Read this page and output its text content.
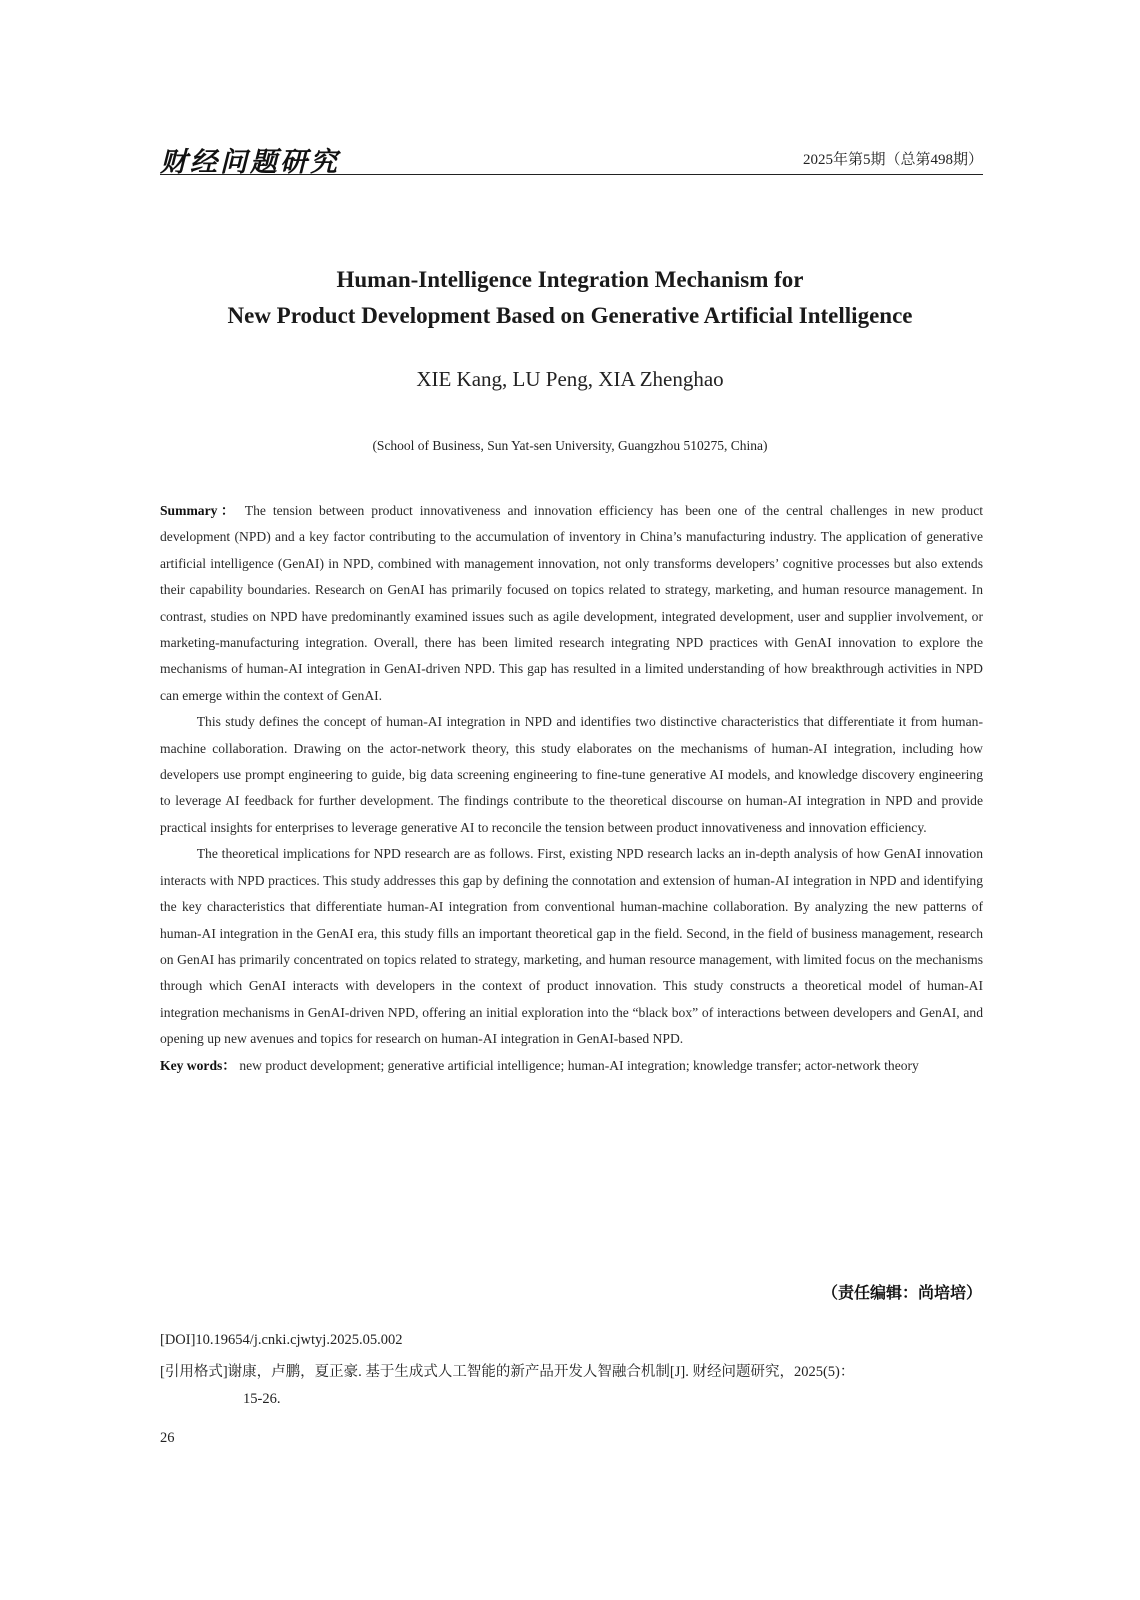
财经问题研究	2025年第5期（总第498期）
Human-Intelligence Integration Mechanism for
New Product Development Based on Generative Artificial Intelligence
XIE Kang, LU Peng, XIA Zhenghao
(School of Business, Sun Yat-sen University, Guangzhou 510275, China)

Summary： The tension between product innovativeness and innovation efficiency has been one of the central challenges in new product development (NPD) and a key factor contributing to the accumulation of inventory in China’s manufacturing industry. The application of generative artificial intelligence (GenAI) in NPD, combined with management innovation, not only transforms developers’ cognitive processes but also extends their capability boundaries. Research on GenAI has primarily focused on topics related to strategy, marketing, and human resource management. In contrast, studies on NPD have predominantly examined issues such as agile development, integrated development, user and supplier involvement, or marketing-manufacturing integration. Overall, there has been limited research integrating NPD practices with GenAI innovation to explore the mechanisms of human-AI integration in GenAI-driven NPD. This gap has resulted in a limited understanding of how breakthrough activities in NPD can emerge within the context of GenAI.

This study defines the concept of human-AI integration in NPD and identifies two distinctive characteristics that differentiate it from human-machine collaboration. Drawing on the actor-network theory, this study elaborates on the mechanisms of human-AI integration, including how developers use prompt engineering to guide, big data screening engineering to fine-tune generative AI models, and knowledge discovery engineering to leverage AI feedback for further development. The findings contribute to the theoretical discourse on human-AI integration in NPD and provide practical insights for enterprises to leverage generative AI to reconcile the tension between product innovativeness and innovation efficiency.

The theoretical implications for NPD research are as follows. First, existing NPD research lacks an in-depth analysis of how GenAI innovation interacts with NPD practices. This study addresses this gap by defining the connotation and extension of human-AI integration in NPD and identifying the key characteristics that differentiate human-AI integration from conventional human-machine collaboration. By analyzing the new patterns of human-AI integration in the GenAI era, this study fills an important theoretical gap in the field. Second, in the field of business management, research on GenAI has primarily concentrated on topics related to strategy, marketing, and human resource management, with limited focus on the mechanisms through which GenAI interacts with developers in the context of product innovation. This study constructs a theoretical model of human-AI integration mechanisms in GenAI-driven NPD, offering an initial exploration into the “black box” of interactions between developers and GenAI, and opening up new avenues and topics for research on human-AI integration in GenAI-based NPD.

Key words： new product development; generative artificial intelligence; human-AI integration; knowledge transfer; actor-network theory

（责任编辑：尚培培）
[DOI]10.19654/j.cnki.cjwtyj.2025.05.002
[引用格式]谢康，卢鹏，夏正豪. 基于生成式人工智能的新产品开发人智融合机制[J]. 财经问题研究，2025(5)：
15-26.
26
